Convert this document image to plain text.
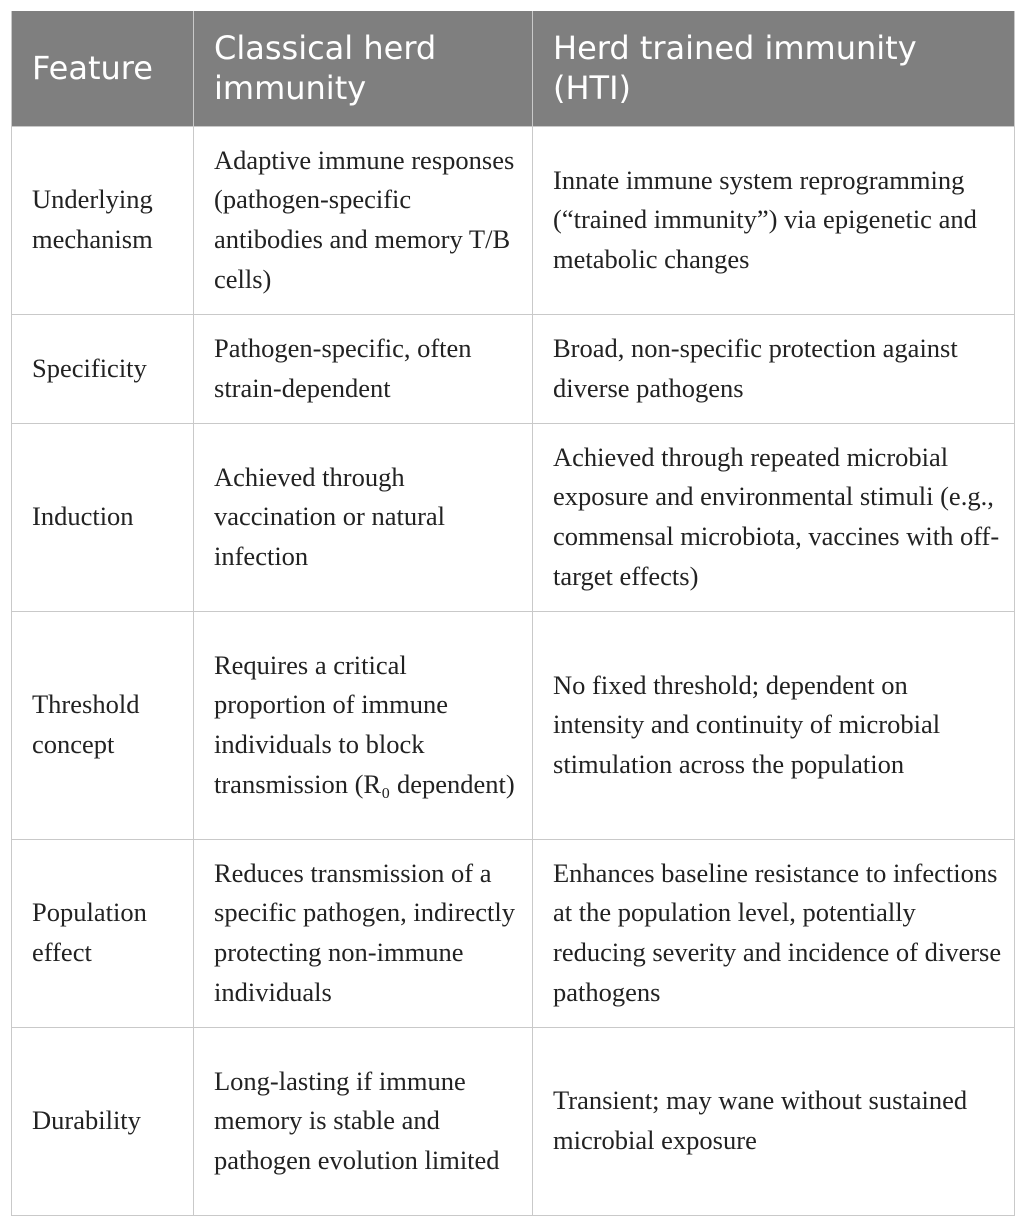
Feature	Classical herd immunity	Herd trained immunity (HTI)
Underlying mechanism	Adaptive immune responses (pathogen-specific antibodies and memory T/B cells)	Innate immune system reprogramming (“trained immunity”) via epigenetic and metabolic changes
Specificity	Pathogen-specific, often strain-dependent	Broad, non-specific protection against diverse pathogens
Induction	Achieved through vaccination or natural infection	Achieved through repeated microbial exposure and environmental stimuli (e.g., commensal microbiota, vaccines with off-target effects)
Threshold concept	Requires a critical proportion of immune individuals to block transmission (R₀ dependent)	No fixed threshold; dependent on intensity and continuity of microbial stimulation across the population
Population effect	Reduces transmission of a specific pathogen, indirectly protecting non-immune individuals	Enhances baseline resistance to infections at the population level, potentially reducing severity and incidence of diverse pathogens
Durability	Long-lasting if immune memory is stable and pathogen evolution limited	Transient; may wane without sustained microbial exposure
